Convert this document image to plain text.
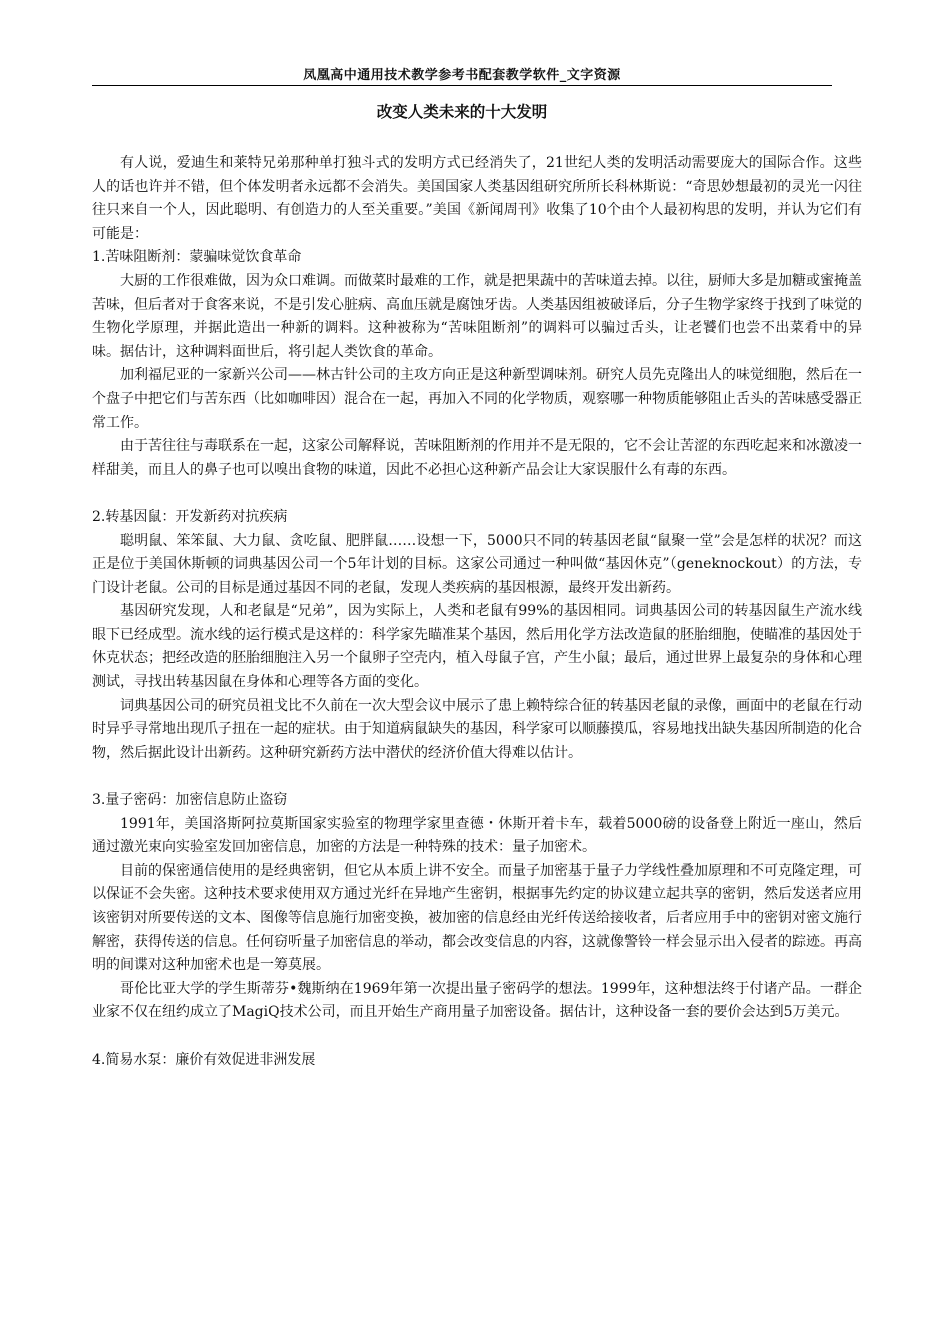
凤凰高中通用技术教学参考书配套教学软件_文字资源
改变人类未来的十大发明

有人说，爱迪生和莱特兄弟那种单打独斗式的发明方式已经消失了，21世纪人类的发明活动需要庞大的国际合作。这些人的话也许并不错，但个体发明者永远都不会消失。美国国家人类基因组研究所所长科林斯说：“奇思妙想最初的灵光一闪往往只来自一个人，因此聪明、有创造力的人至关重要。”美国《新闻周刊》收集了10个由个人最初构思的发明，并认为它们有可能是：

1.苦味阻断剂：蒙骗味觉饮食革命

大厨的工作很难做，因为众口难调。而做菜时最难的工作，就是把果蔬中的苦味道去掉。以往，厨师大多是加糖或蜜掩盖苦味，但后者对于食客来说，不是引发心脏病、高血压就是腐蚀牙齿。人类基因组被破译后，分子生物学家终于找到了味觉的生物化学原理，并据此造出一种新的调料。这种被称为“苦味阻断剂”的调料可以骗过舌头，让老饕们也尝不出菜肴中的异味。据估计，这种调料面世后，将引起人类饮食的革命。

加利福尼亚的一家新兴公司——林古针公司的主攻方向正是这种新型调味剂。研究人员先克隆出人的味觉细胞，然后在一个盘子中把它们与苦东西（比如咖啡因）混合在一起，再加入不同的化学物质，观察哪一种物质能够阻止舌头的苦味感受器正常工作。

由于苦往往与毒联系在一起，这家公司解释说，苦味阻断剂的作用并不是无限的，它不会让苦涩的东西吃起来和冰激凌一样甜美，而且人的鼻子也可以嗅出食物的味道，因此不必担心这种新产品会让大家误服什么有毒的东西。

2.转基因鼠：开发新药对抗疾病

聪明鼠、笨笨鼠、大力鼠、贪吃鼠、肥胖鼠……设想一下，5000只不同的转基因老鼠“鼠聚一堂”会是怎样的状况？而这正是位于美国休斯顿的词典基因公司一个5年计划的目标。这家公司通过一种叫做“基因休克”（geneknockout）的方法，专门设计老鼠。公司的目标是通过基因不同的老鼠，发现人类疾病的基因根源，最终开发出新药。

基因研究发现，人和老鼠是“兄弟”，因为实际上，人类和老鼠有99%的基因相同。词典基因公司的转基因鼠生产流水线眼下已经成型。流水线的运行模式是这样的：科学家先瞄准某个基因，然后用化学方法改造鼠的胚胎细胞，使瞄准的基因处于休克状态；把经改造的胚胎细胞注入另一个鼠卵子空壳内，植入母鼠子宫，产生小鼠；最后，通过世界上最复杂的身体和心理测试，寻找出转基因鼠在身体和心理等各方面的变化。

词典基因公司的研究员祖戈比不久前在一次大型会议中展示了患上赖特综合征的转基因老鼠的录像，画面中的老鼠在行动时异乎寻常地出现爪子扭在一起的症状。由于知道病鼠缺失的基因，科学家可以顺藤摸瓜，容易地找出缺失基因所制造的化合物，然后据此设计出新药。这种研究新药方法中潜伏的经济价值大得难以估计。

3.量子密码：加密信息防止盗窃

1991年，美国洛斯阿拉莫斯国家实验室的物理学家里查德・休斯开着卡车，载着5000磅的设备登上附近一座山，然后通过激光束向实验室发回加密信息，加密的方法是一种特殊的技术：量子加密术。

目前的保密通信使用的是经典密钥，但它从本质上讲不安全。而量子加密基于量子力学线性叠加原理和不可克隆定理，可以保证不会失密。这种技术要求使用双方通过光纤在异地产生密钥，根据事先约定的协议建立起共享的密钥，然后发送者应用该密钥对所要传送的文本、图像等信息施行加密变换，被加密的信息经由光纤传送给接收者，后者应用手中的密钥对密文施行解密，获得传送的信息。任何窃听量子加密信息的举动，都会改变信息的内容，这就像警铃一样会显示出入侵者的踪迹。再高明的间谍对这种加密术也是一筹莫展。

哥伦比亚大学的学生斯蒂芬•魏斯纳在1969年第一次提出量子密码学的想法。1999年，这种想法终于付诸产品。一群企业家不仅在纽约成立了MagiQ技术公司，而且开始生产商用量子加密设备。据估计，这种设备一套的要价会达到5万美元。

4.简易水泵：廉价有效促进非洲发展
